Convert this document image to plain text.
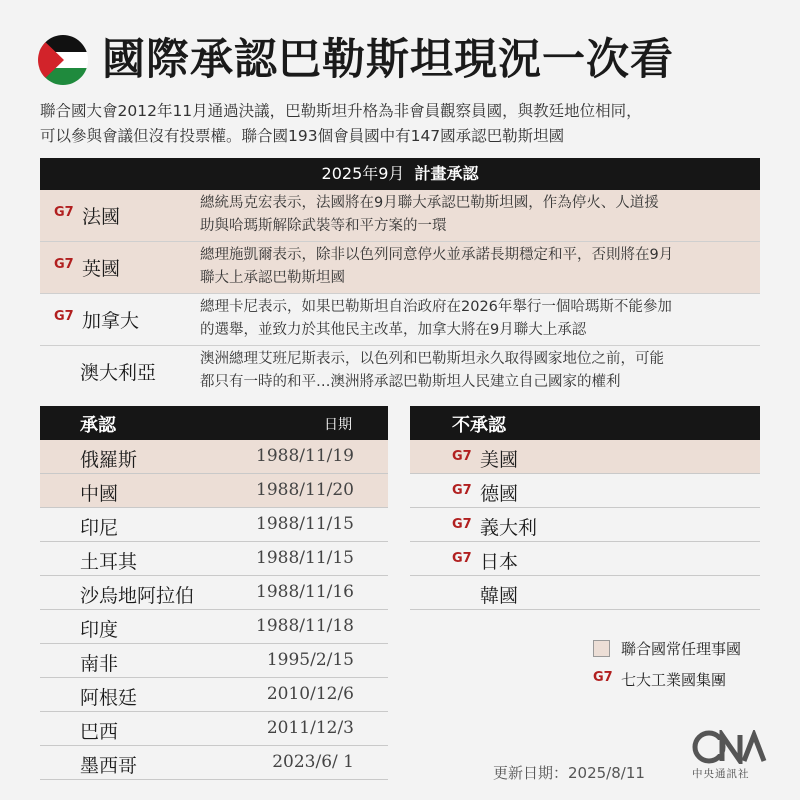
國際承認巴勒斯坦現況一次看

聯合國大會2012年11月通過決議，巴勒斯坦升格為非會員觀察員國，與教廷地位相同，

可以參與會議但沒有投票權。聯合國193個會員國中有147國承認巴勒斯坦國

2025年9月 計畫承認
G7 法國
總統馬克宏表示，法國將在9月聯大承認巴勒斯坦國，作為停火、人道援
助與哈瑪斯解除武裝等和平方案的一環
G7 英國
總理施凱爾表示，除非以色列同意停火並承諾長期穩定和平，否則將在9月
聯大上承認巴勒斯坦國
G7 加拿大
總理卡尼表示，如果巴勒斯坦自治政府在2026年舉行一個哈瑪斯不能參加
的選舉，並致力於其他民主改革，加拿大將在9月聯大上承認
澳大利亞
澳洲總理艾班尼斯表示，以色列和巴勒斯坦永久取得國家地位之前，可能
都只有一時的和平…澳洲將承認巴勒斯坦人民建立自己國家的權利
承認	日期
俄羅斯	1988/11/19
中國	1988/11/20
印尼	1988/11/15
土耳其	1988/11/15
沙烏地阿拉伯	1988/11/16
印度	1988/11/18
南非	1995/2/15
阿根廷	2010/12/6
巴西	2011/12/3
墨西哥	2023/6/ 1
不承認
G7 美國
G7 德國
G7 義大利
G7 日本
韓國
聯合國常任理事國
G7 七大工業國集團
更新日期：2025/8/11	中央通訊社
